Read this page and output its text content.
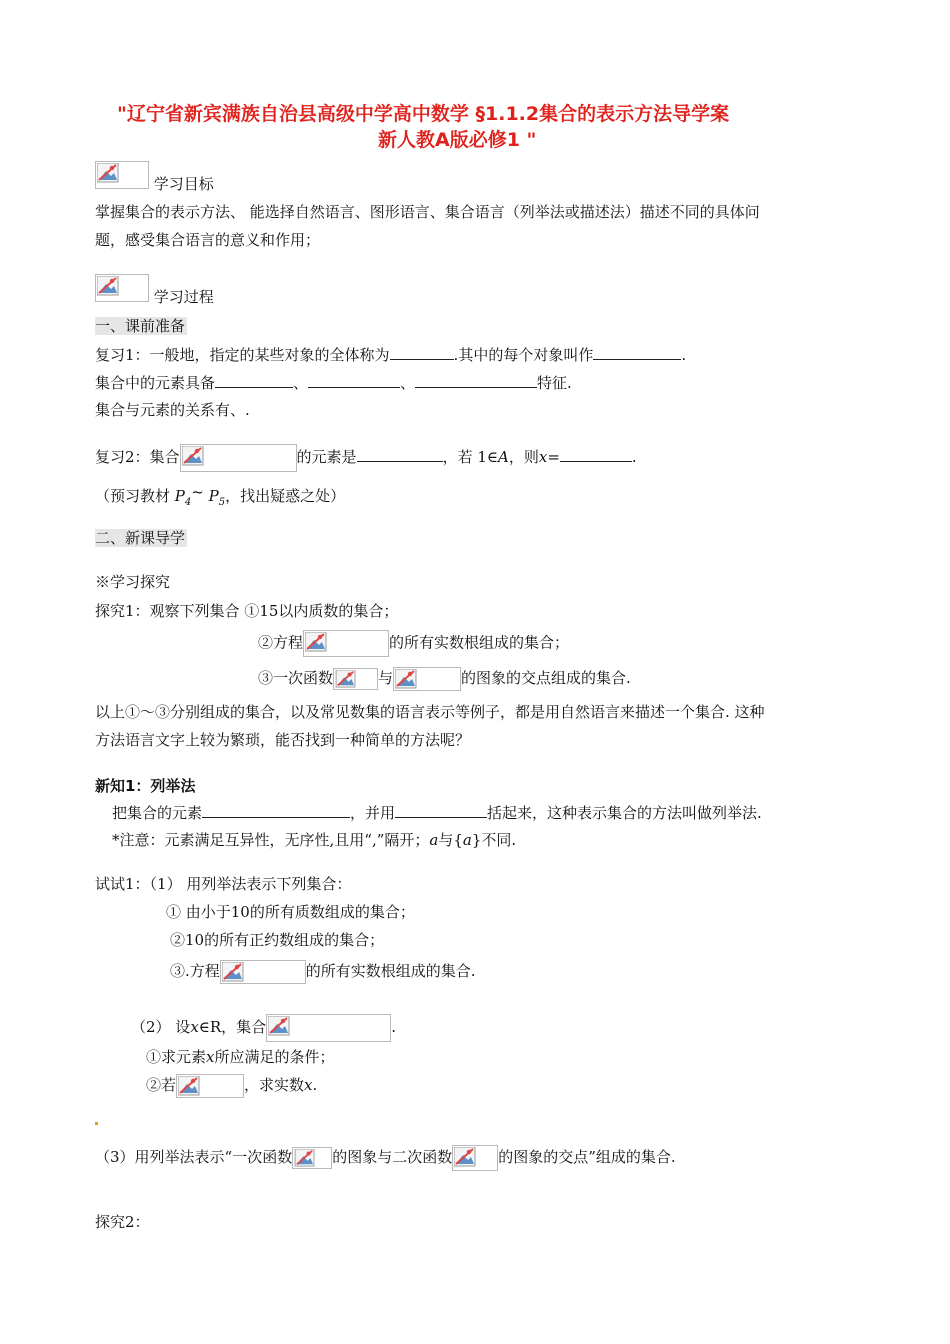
"辽宁省新宾满族自治县高级中学高中数学 §1.1.2集合的表示方法导学案
新人教A版必修1 "
学习目标
掌握集合的表示方法、 能选择自然语言、图形语言、集合语言（列举法或描述法）描述不同的具体问
题，感受集合语言的意义和作用；
学习过程
一、课前准备
复习1：一般地，指定的某些对象的全体称为	.其中的每个对象叫作	.
集合中的元素具备	、	、	特征.
集合与元素的关系有、.
复习2：集合	的元素是	，若 1∈A，则x=	.
（预习教材 $P_4\sim$ $P_5$，找出疑惑之处）
二、新课导学
※学习探究
探究1：观察下列集合 ①15以内质数的集合；
②方程	的所有实数根组成的集合；
③一次函数	与	的图象的交点组成的集合.
以上①～③分别组成的集合，以及常见数集的语言表示等例子，都是用自然语言来描述一个集合. 这种
方法语言文字上较为繁琐，能否找到一种简单的方法呢？
新知1：列举法
把集合的元素	，并用	括起来，这种表示集合的方法叫做列举法.
*注意：元素满足互异性，无序性,且用“,”隔开；a与{a}不同.
试试1：（1） 用列举法表示下列集合：
① 由小于10的所有质数组成的集合；
②10的所有正约数组成的集合；
③.方程	的所有实数根组成的集合.
（2） 设x∈R，集合	.
①求元素x所应满足的条件；
②若	，求实数x.
（3）用列举法表示“一次函数	的图象与二次函数	的图象的交点”组成的集合.
探究2：
